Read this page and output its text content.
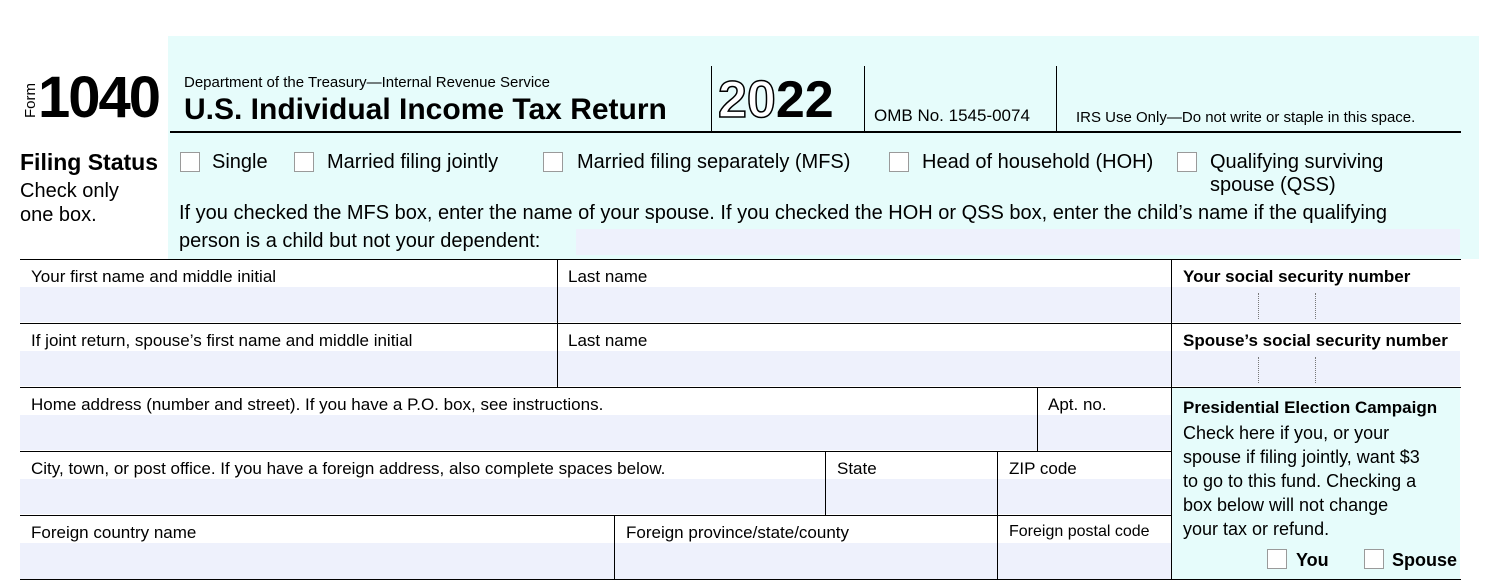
Form 1040 Department of the Treasury—Internal Revenue Service
U.S. Individual Income Tax Return 2022 OMB No. 1545-0074	IRS Use Only—Do not write or staple in this space.
Filing Status
Check only
one box.
Single	Married filing jointly	Married filing separately (MFS)	Head of household (HOH)	Qualifying surviving
spouse (QSS)
If you checked the MFS box, enter the name of your spouse. If you checked the HOH or QSS box, enter the child’s name if the qualifying
person is a child but not your dependent:
Your first name and middle initial	Last name	Your social security number
If joint return, spouse’s first name and middle initial	Last name	Spouse’s social security number
Home address (number and street). If you have a P.O. box, see instructions.	Apt. no.
City, town, or post office. If you have a foreign address, also complete spaces below.	State	ZIP code
Foreign country name	Foreign province/state/county	Foreign postal code
Presidential Election Campaign
Check here if you, or your
spouse if filing jointly, want $3
to go to this fund. Checking a
box below will not change
your tax or refund.
You	Spouse
